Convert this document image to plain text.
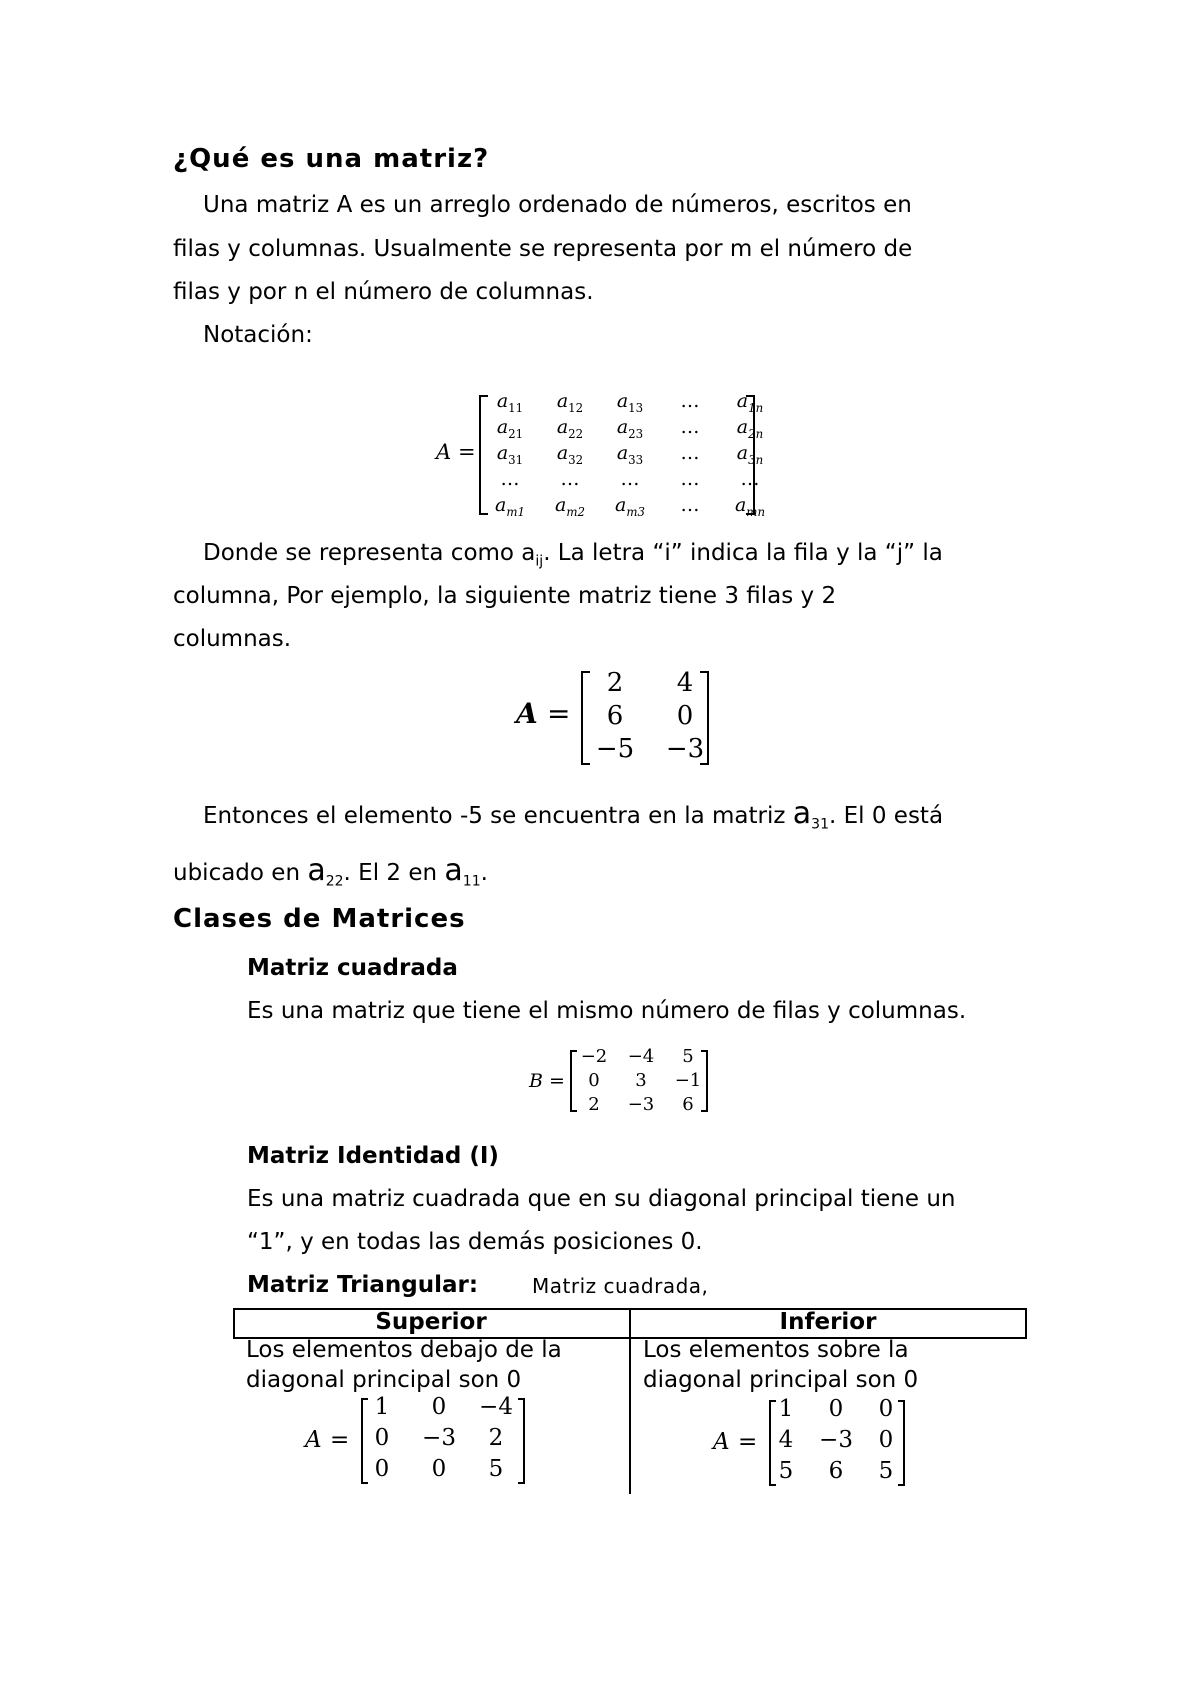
¿Qué es una matriz?
Una matriz A es un arreglo ordenado de números, escritos en
filas y columnas. Usualmente se representa por m el número de
filas y por n el número de columnas.
Notación:
A =
$a_{11}$	$a_{12}$	$a_{13}$	…	$a_{1n}$
$a_{21}$	$a_{22}$	$a_{23}$	…	$a_{2n}$
$a_{31}$	$a_{32}$	$a_{33}$	…	$a_{3n}$
…	…	…	…	…
$a_{m1}$	$a_{m2}$	$a_{m3}$	…	$a_{mn}$
Donde se representa como $a_{ij}$. La letra “i” indica la fila y la “j” la
columna, Por ejemplo, la siguiente matriz tiene 3 filas y 2
columnas.
A =
2	4
6	0
−5	−3
Entonces el elemento -5 se encuentra en la matriz $a_{31}$. El 0 está
ubicado en $a_{22}$. El 2 en $a_{11}$.
Clases de Matrices
Matriz cuadrada
Es una matriz que tiene el mismo número de filas y columnas.
B =
−2	−4	5
0	3	−1
2	−3	6
Matriz Identidad (I)
Es una matriz cuadrada que en su diagonal principal tiene un
“1”, y en todas las demás posiciones 0.
Matriz Triangular:	Matriz cuadrada,
Superior	Inferior
Los elementos debajo de la
diagonal principal son 0
Los elementos sobre la
diagonal principal son 0
A =
1	0	−4
0	−3	2
0	0	5
A =
1	0	0
4	−3	0
5	6	5
